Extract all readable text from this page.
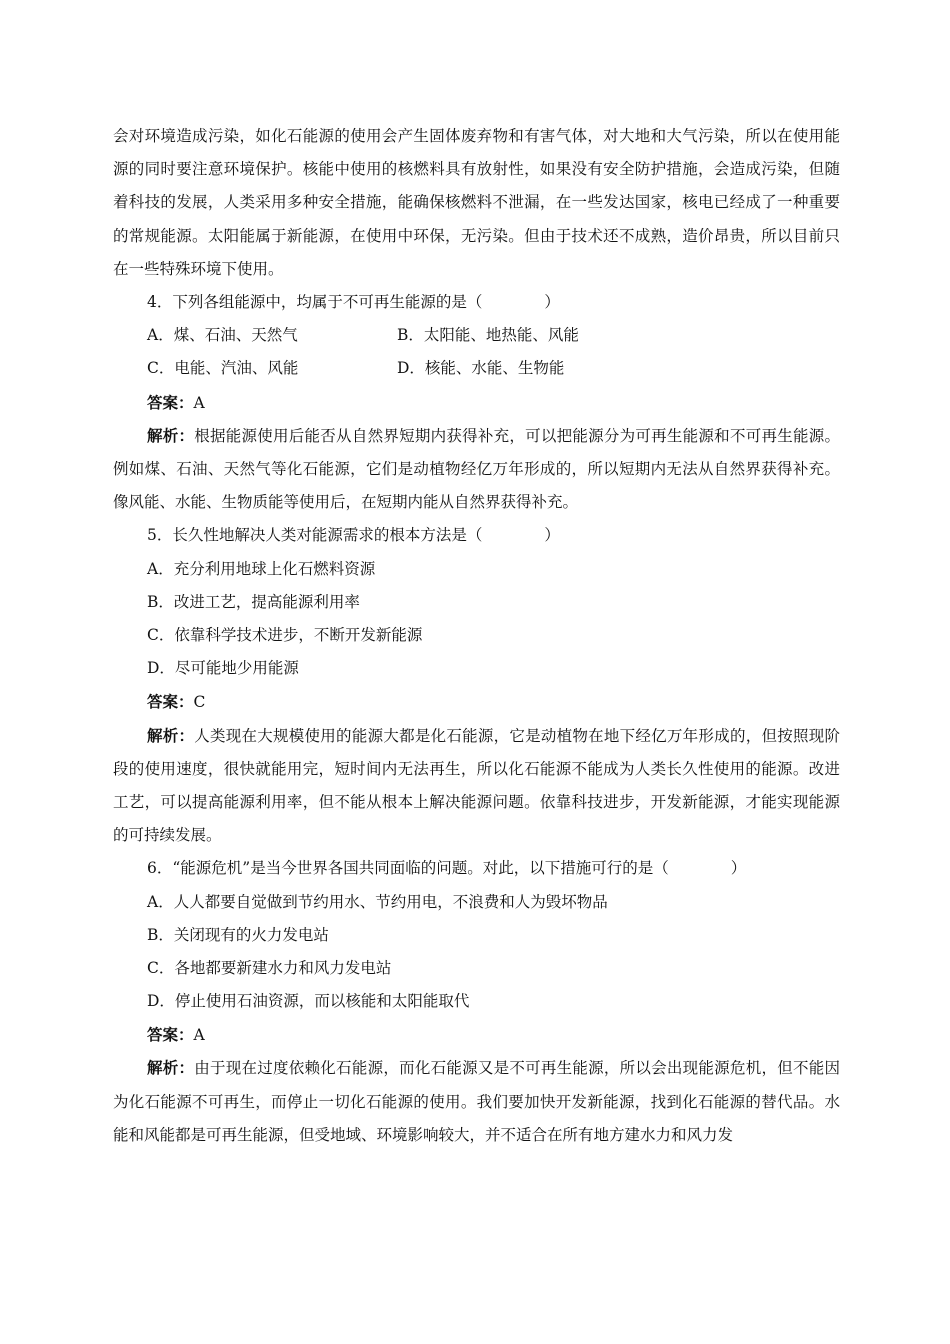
会对环境造成污染，如化石能源的使用会产生固体废弃物和有害气体，对大地和大气污染，所以在使用能源的同时要注意环境保护。核能中使用的核燃料具有放射性，如果没有安全防护措施，会造成污染，但随着科技的发展，人类采用多种安全措施，能确保核燃料不泄漏，在一些发达国家，核电已经成了一种重要的常规能源。太阳能属于新能源，在使用中环保，无污染。但由于技术还不成熟，造价昂贵，所以目前只在一些特殊环境下使用。
4．下列各组能源中，均属于不可再生能源的是（　　　　）
A．煤、石油、天然气	B．太阳能、地热能、风能
C．电能、汽油、风能	D．核能、水能、生物能
答案：A
解析：根据能源使用后能否从自然界短期内获得补充，可以把能源分为可再生能源和不可再生能源。例如煤、石油、天然气等化石能源，它们是动植物经亿万年形成的，所以短期内无法从自然界获得补充。像风能、水能、生物质能等使用后，在短期内能从自然界获得补充。
5．长久性地解决人类对能源需求的根本方法是（　　　　）
A．充分利用地球上化石燃料资源
B．改进工艺，提高能源利用率
C．依靠科学技术进步，不断开发新能源
D．尽可能地少用能源
答案：C
解析：人类现在大规模使用的能源大都是化石能源，它是动植物在地下经亿万年形成的，但按照现阶段的使用速度，很快就能用完，短时间内无法再生，所以化石能源不能成为人类长久性使用的能源。改进工艺，可以提高能源利用率，但不能从根本上解决能源问题。依靠科技进步，开发新能源，才能实现能源的可持续发展。
6．“能源危机”是当今世界各国共同面临的问题。对此，以下措施可行的是（　　　　）
A．人人都要自觉做到节约用水、节约用电，不浪费和人为毁坏物品
B．关闭现有的火力发电站
C．各地都要新建水力和风力发电站
D．停止使用石油资源，而以核能和太阳能取代
答案：A
解析：由于现在过度依赖化石能源，而化石能源又是不可再生能源，所以会出现能源危机，但不能因为化石能源不可再生，而停止一切化石能源的使用。我们要加快开发新能源，找到化石能源的替代品。水能和风能都是可再生能源，但受地域、环境影响较大，并不适合在所有地方建水力和风力发
